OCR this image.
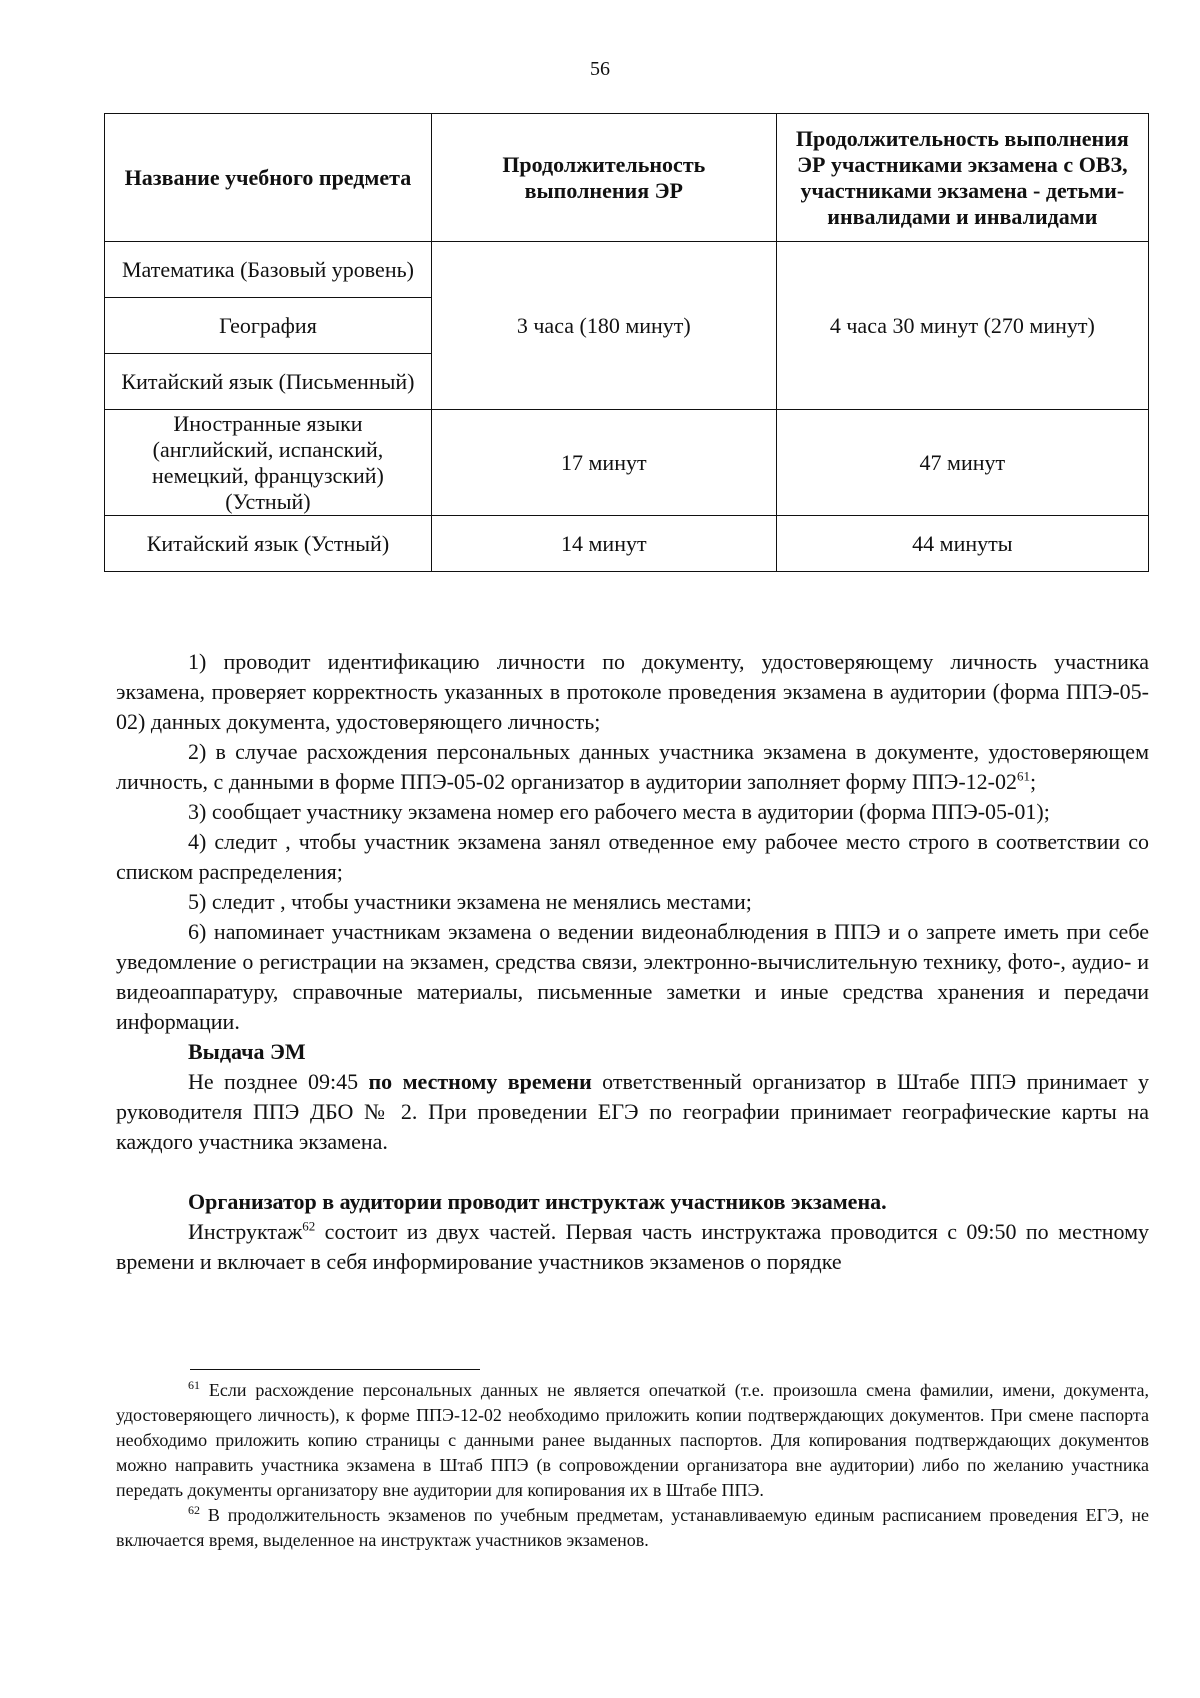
56
Название учебного предмета	Продолжительность выполнения ЭР	Продолжительность выполнения ЭР участниками экзамена с ОВЗ, участниками экзамена - детьми-инвалидами и инвалидами
Математика (Базовый уровень)	3 часа (180 минут)	4 часа 30 минут (270 минут)
География		
Китайский язык (Письменный)		
Иностранные языки (английский, испанский, немецкий, французский) (Устный)	17 минут	47 минут
Китайский язык (Устный)	14 минут	44 минуты

1) проводит идентификацию личности по документу, удостоверяющему личность участника экзамена, проверяет корректность указанных в протоколе проведения экзамена в аудитории (форма ППЭ-05-02) данных документа, удостоверяющего личность;

2) в случае расхождения персональных данных участника экзамена в документе, удостоверяющем личность, с данными в форме ППЭ-05-02 организатор в аудитории заполняет форму ППЭ-$12-02^{61}$;

3) сообщает участнику экзамена номер его рабочего места в аудитории (форма ППЭ-05-01);

4) следит , чтобы участник экзамена занял отведенное ему рабочее место строго в соответствии со списком распределения;

5) следит , чтобы участники экзамена не менялись местами;

6) напоминает участникам экзамена о ведении видеонаблюдения в ППЭ и о запрете иметь при себе уведомление о регистрации на экзамен, средства связи, электронно-вычислительную технику, фото-, аудио- и видеоаппаратуру, справочные материалы, письменные заметки и иные средства хранения и передачи информации.

Выдача ЭМ

Не позднее 09:45 по местному времени ответственный организатор в Штабе ППЭ принимает у руководителя ППЭ ДБО № 2. При проведении ЕГЭ по географии принимает географические карты на каждого участника экзамена.

Организатор в аудитории проводит инструктаж участников экзамена.

Инструктаж$^{62}$ состоит из двух частей. Первая часть инструктажа проводится с 09:50 по местному времени и включает в себя информирование участников экзаменов о порядке

$^{61}$ Если расхождение персональных данных не является опечаткой (т.е. произошла смена фамилии, имени, документа, удостоверяющего личность), к форме ППЭ-12-02 необходимо приложить копии подтверждающих документов. При смене паспорта необходимо приложить копию страницы с данными ранее выданных паспортов. Для копирования подтверждающих документов можно направить участника экзамена в Штаб ППЭ (в сопровождении организатора вне аудитории) либо по желанию участника передать документы организатору вне аудитории для копирования их в Штабе ППЭ.

$^{62}$ В продолжительность экзаменов по учебным предметам, устанавливаемую единым расписанием проведения ЕГЭ, не включается время, выделенное на инструктаж участников экзаменов.
